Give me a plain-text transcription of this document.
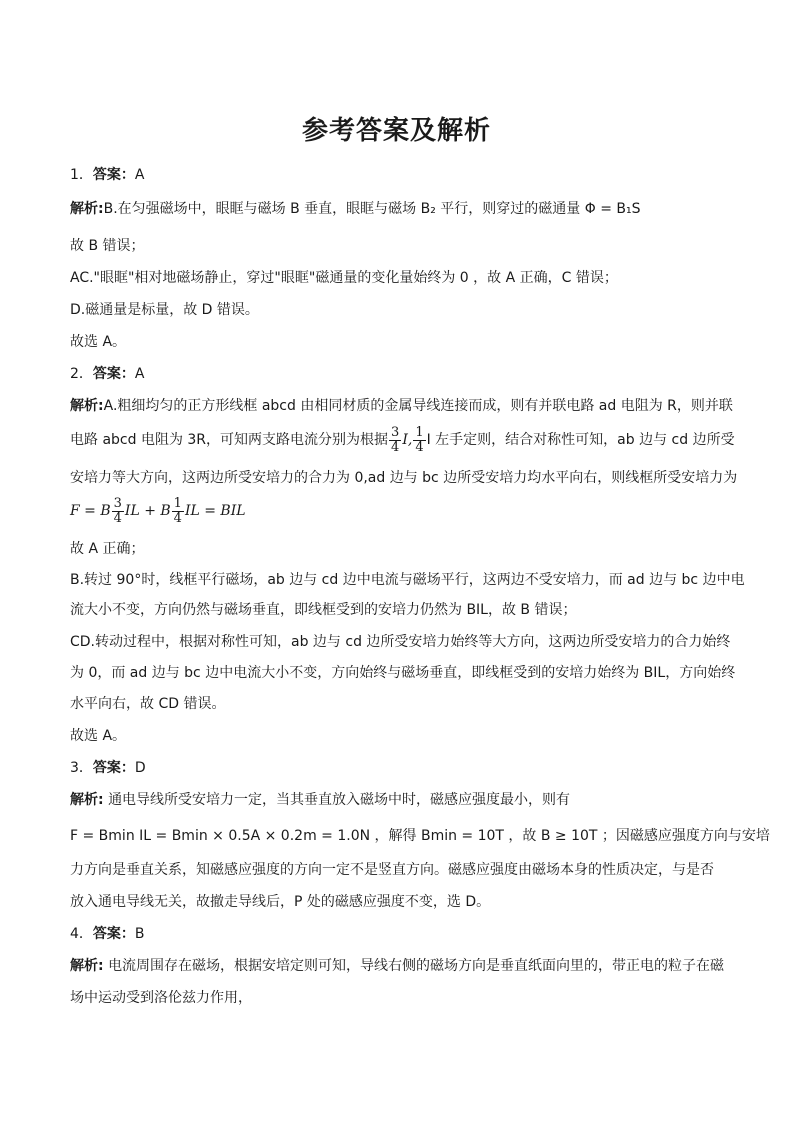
参考答案及解析
1．答案：A
解析:B.在匀强磁场中，眼眶与磁场 B 垂直，眼眶与磁场 B₂ 平行，则穿过的磁通量 Φ = B₁S
故 B 错误；
AC."眼眶"相对地磁场静止，穿过"眼眶"磁通量的变化量始终为 0 ，故 A 正确，C 错误；
D.磁通量是标量，故 D 错误。
故选 A。
2．答案：A
解析:A.粗细均匀的正方形线框 abcd 由相同材质的金属导线连接而成，则有并联电路 ad 电阻为 R，则并联
电路 abcd 电阻为 3R，可知两支路电流分别为根据 $\frac{3}{4} I$, $\frac{1}{4}$ I 左手定则，结合对称性可知，ab 边与 cd 边所受
安培力等大方向，这两边所受安培力的合力为 0,ad 边与 bc 边所受安培力均水平向右，则线框所受安培力为
F = B $\frac{3}{4}$ IL + B $\frac{1}{4}$ IL = BIL
故 A 正确；
B.转过 90°时，线框平行磁场，ab 边与 cd 边中电流与磁场平行，这两边不受安培力，而 ad 边与 bc 边中电
流大小不变，方向仍然与磁场垂直，即线框受到的安培力仍然为 BIL，故 B 错误；
CD.转动过程中，根据对称性可知，ab 边与 cd 边所受安培力始终等大方向，这两边所受安培力的合力始终
为 0，而 ad 边与 bc 边中电流大小不变，方向始终与磁场垂直，即线框受到的安培力始终为 BIL，方向始终
水平向右，故 CD 错误。
故选 A。
3．答案：D
解析: 通电导线所受安培力一定，当其垂直放入磁场中时，磁感应强度最小，则有
F = Bmin IL = Bmin × 0.5A × 0.2m = 1.0N ，解得 Bmin = 10T ，故 B ≥ 10T ；因磁感应强度方向与安培
力方向是垂直关系，知磁感应强度的方向一定不是竖直方向。磁感应强度由磁场本身的性质决定，与是否
放入通电导线无关，故撤走导线后，P 处的磁感应强度不变，选 D。
4．答案：B
解析: 电流周围存在磁场，根据安培定则可知，导线右侧的磁场方向是垂直纸面向里的，带正电的粒子在磁
场中运动受到洛伦兹力作用，
